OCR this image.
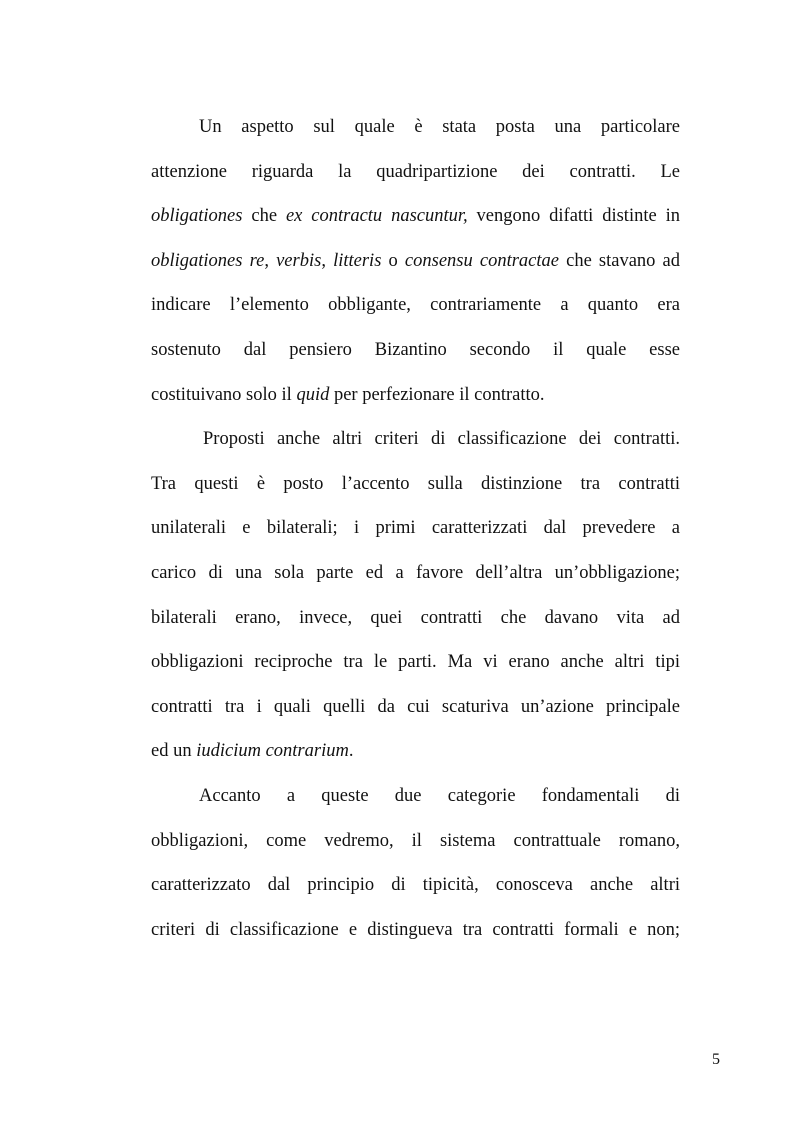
Un aspetto sul quale è stata posta una particolare
attenzione riguarda la quadripartizione dei contratti. Le
obligationes che ex contractu nascuntur, vengono difatti distinte in
obligationes re, verbis, litteris o consensu contractae che stavano ad
indicare l’elemento obbligante, contrariamente a quanto era
sostenuto dal pensiero Bizantino secondo il quale esse
costituivano solo il quid per perfezionare il contratto.
Proposti anche altri criteri di classificazione dei contratti.
Tra questi è posto l’accento sulla distinzione tra contratti
unilaterali e bilaterali; i primi caratterizzati dal prevedere a
carico di una sola parte ed a favore dell’altra un’obbligazione;
bilaterali erano, invece, quei contratti che davano vita ad
obbligazioni reciproche tra le parti. Ma vi erano anche altri tipi
contratti tra i quali quelli da cui scaturiva un’azione principale
ed un iudicium contrarium.
Accanto a queste due categorie fondamentali di
obbligazioni, come vedremo, il sistema contrattuale romano,
caratterizzato dal principio di tipicità, conosceva anche altri
criteri di classificazione e distingueva tra contratti formali e non;
5
